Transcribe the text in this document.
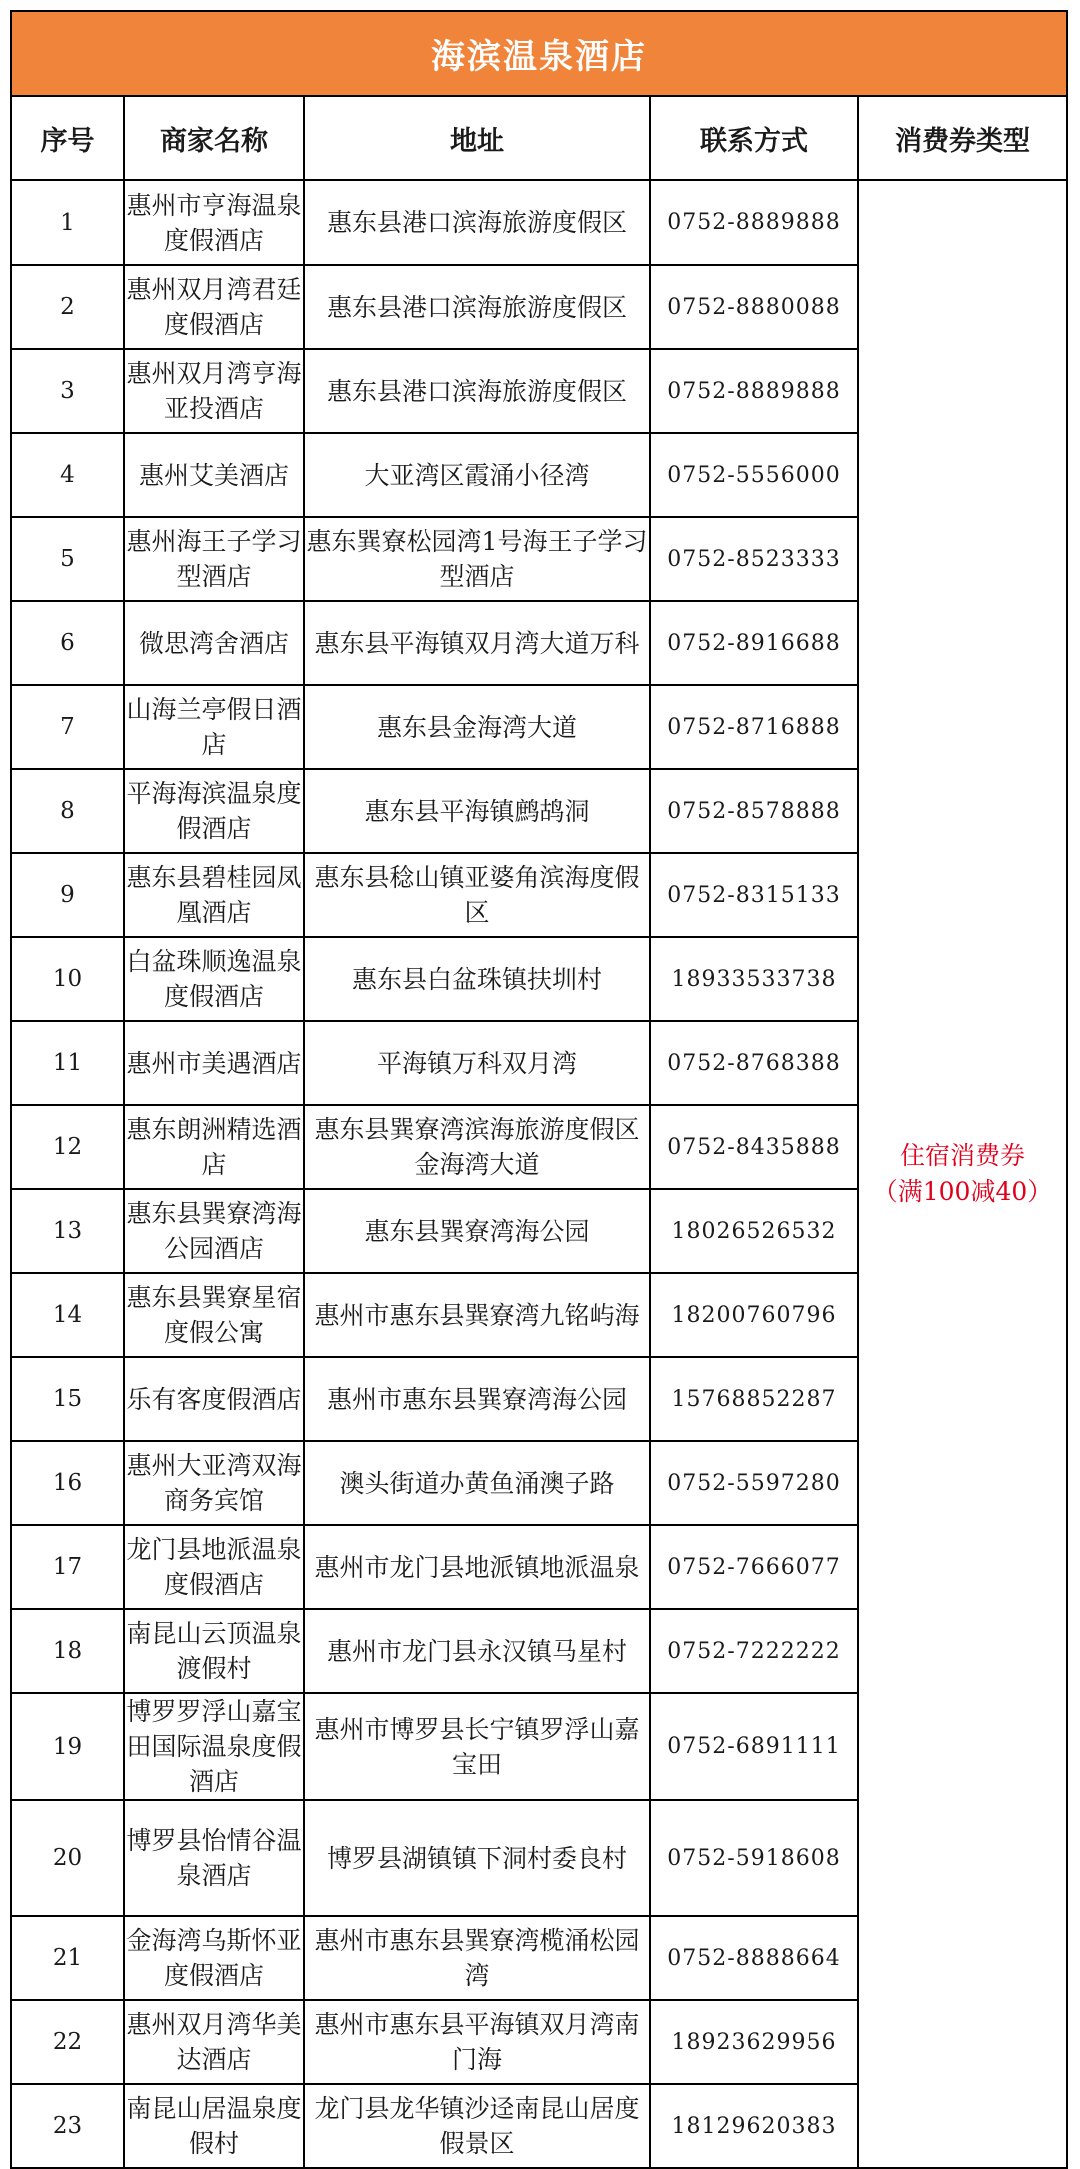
海滨温泉酒店				
序号	商家名称	地址	联系方式	消费券类型
1	惠州市亨海温泉度假酒店	惠东县港口滨海旅游度假区	0752-8889888	住宿消费券
（满100减40）

2	惠州双月湾君廷度假酒店	惠东县港口滨海旅游度假区	0752-8880088	
3	惠州双月湾亨海亚投酒店	惠东县港口滨海旅游度假区	0752-8889888	
4	惠州艾美酒店	大亚湾区霞涌小径湾	0752-5556000	
5	惠州海王子学习型酒店	惠东巽寮松园湾1号海王子学习型酒店	0752-8523333	
6	微思湾舍酒店	惠东县平海镇双月湾大道万科	0752-8916688	
7	山海兰亭假日酒店	惠东县金海湾大道	0752-8716888	
8	平海海滨温泉度假酒店	惠东县平海镇鹧鸪洞	0752-8578888	
9	惠东县碧桂园凤凰酒店	惠东县稔山镇亚婆角滨海度假区	0752-8315133	
10	白盆珠顺逸温泉度假酒店	惠东县白盆珠镇扶圳村	18933533738	
11	惠州市美遇酒店	平海镇万科双月湾	0752-8768388	
12	惠东朗洲精选酒店	惠东县巽寮湾滨海旅游度假区金海湾大道	0752-8435888	
13	惠东县巽寮湾海公园酒店	惠东县巽寮湾海公园	18026526532	
14	惠东县巽寮星宿度假公寓	惠州市惠东县巽寮湾九铭屿海	18200760796	
15	乐有客度假酒店	惠州市惠东县巽寮湾海公园	15768852287	
16	惠州大亚湾双海商务宾馆	澳头街道办黄鱼涌澳子路	0752-5597280	
17	龙门县地派温泉度假酒店	惠州市龙门县地派镇地派温泉	0752-7666077	
18	南昆山云顶温泉渡假村	惠州市龙门县永汉镇马星村	0752-7222222	
19	博罗罗浮山嘉宝田国际温泉度假酒店	惠州市博罗县长宁镇罗浮山嘉宝田	0752-6891111	
20	博罗县怡情谷温泉酒店	博罗县湖镇镇下洞村委良村	0752-5918608	
21	金海湾乌斯怀亚度假酒店	惠州市惠东县巽寮湾榄涌松园湾	0752-8888664	
22	惠州双月湾华美达酒店	惠州市惠东县平海镇双月湾南门海	18923629956	
23	南昆山居温泉度假村	龙门县龙华镇沙迳南昆山居度假景区	18129620383	
